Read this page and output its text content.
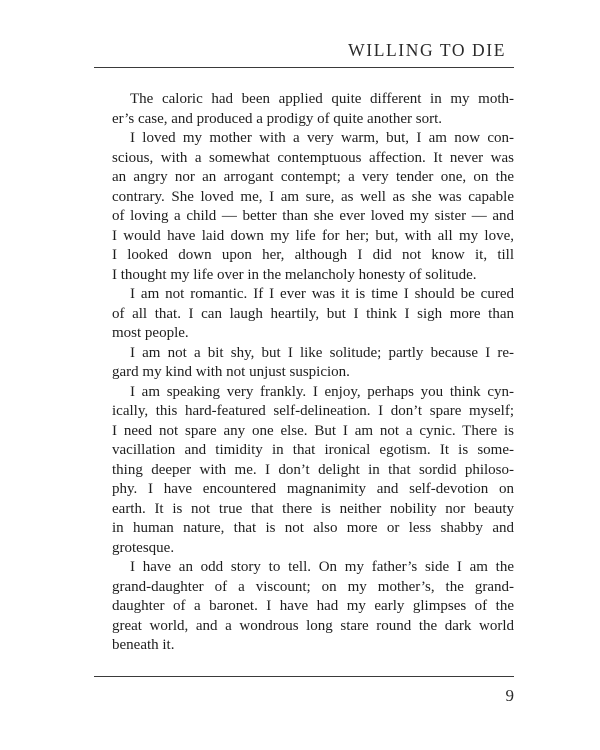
WILLING TO DIE
The caloric had been applied quite different in my moth-
er’s case, and produced a prodigy of quite another sort.
I loved my mother with a very warm, but, I am now con-
scious, with a somewhat contemptuous affection. It never was
an angry nor an arrogant contempt; a very tender one, on the
contrary. She loved me, I am sure, as well as she was capable
of loving a child — better than she ever loved my sister — and
I would have laid down my life for her; but, with all my love,
I looked down upon her, although I did not know it, till
I thought my life over in the melancholy honesty of solitude.
I am not romantic. If I ever was it is time I should be cured
of all that. I can laugh heartily, but I think I sigh more than
most people.
I am not a bit shy, but I like solitude; partly because I re-
gard my kind with not unjust suspicion.
I am speaking very frankly. I enjoy, perhaps you think cyn-
ically, this hard-featured self-delineation. I don’t spare myself;
I need not spare any one else. But I am not a cynic. There is
vacillation and timidity in that ironical egotism. It is some-
thing deeper with me. I don’t delight in that sordid philoso-
phy. I have encountered magnanimity and self-devotion on
earth. It is not true that there is neither nobility nor beauty
in human nature, that is not also more or less shabby and
grotesque.
I have an odd story to tell. On my father’s side I am the
grand-daughter of a viscount; on my mother’s, the grand-
daughter of a baronet. I have had my early glimpses of the
great world, and a wondrous long stare round the dark world
beneath it.
9
